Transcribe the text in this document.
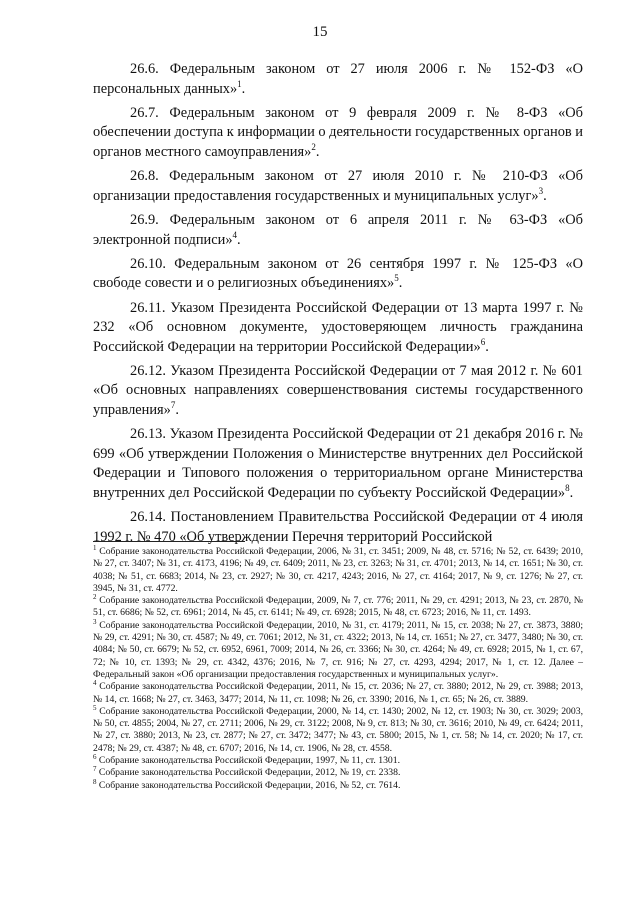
15

26.6. Федеральным законом от 27 июля 2006 г. № 152-ФЗ «О персональных данных»$^1$.

26.7. Федеральным законом от 9 февраля 2009 г. № 8-ФЗ «Об обеспечении доступа к информации о деятельности государственных органов и органов местного самоуправления»$^2$.

26.8. Федеральным законом от 27 июля 2010 г. № 210-ФЗ «Об организации предоставления государственных и муниципальных услуг»$^3$.

26.9. Федеральным законом от 6 апреля 2011 г. № 63-ФЗ «Об электронной подписи»$^4$.

26.10. Федеральным законом от 26 сентября 1997 г. № 125-ФЗ «О свободе совести и о религиозных объединениях»$^5$.

26.11. Указом Президента Российской Федерации от 13 марта 1997 г. № 232 «Об основном документе, удостоверяющем личность гражданина Российской Федерации на территории Российской Федерации»$^6$.

26.12. Указом Президента Российской Федерации от 7 мая 2012 г. № 601 «Об основных направлениях совершенствования системы государственного управления»$^7$.

26.13. Указом Президента Российской Федерации от 21 декабря 2016 г. № 699 «Об утверждении Положения о Министерстве внутренних дел Российской Федерации и Типового положения о территориальном органе Министерства внутренних дел Российской Федерации по субъекту Российской Федерации»$^8$.

26.14. Постановлением Правительства Российской Федерации от 4 июля 1992 г. № 470 «Об утверждении Перечня территорий Российской

$^1$ Собрание законодательства Российской Федерации, 2006, № 31, ст. 3451; 2009, № 48, ст. 5716; № 52, ст. 6439; 2010, № 27, ст. 3407; № 31, ст. 4173, 4196; № 49, ст. 6409; 2011, № 23, ст. 3263; № 31, ст. 4701; 2013, № 14, ст. 1651; № 30, ст. 4038; № 51, ст. 6683; 2014, № 23, ст. 2927; № 30, ст. 4217, 4243; 2016, № 27, ст. 4164; 2017, № 9, ст. 1276; № 27, ст. 3945, № 31, ст. 4772.

$^2$ Собрание законодательства Российской Федерации, 2009, № 7, ст. 776; 2011, № 29, ст. 4291; 2013, № 23, ст. 2870, № 51, ст. 6686; № 52, ст. 6961; 2014, № 45, ст. 6141; № 49, ст. 6928; 2015, № 48, ст. 6723; 2016, № 11, ст. 1493.

$^3$ Собрание законодательства Российской Федерации, 2010, № 31, ст. 4179; 2011, № 15, ст. 2038; № 27, ст. 3873, 3880; № 29, ст. 4291; № 30, ст. 4587; № 49, ст. 7061; 2012, № 31, ст. 4322; 2013, № 14, ст. 1651; № 27, ст. 3477, 3480; № 30, ст. 4084; № 50, ст. 6679; № 52, ст. 6952, 6961, 7009; 2014, № 26, ст. 3366; № 30, ст. 4264; № 49, ст. 6928; 2015, № 1, ст. 67, 72; № 10, ст. 1393; № 29, ст. 4342, 4376; 2016, № 7, ст. 916; № 27, ст. 4293, 4294; 2017, № 1, ст. 12. Далее – Федеральный закон «Об организации предоставления государственных и муниципальных услуг».

$^4$ Собрание законодательства Российской Федерации, 2011, № 15, ст. 2036; № 27, ст. 3880; 2012, № 29, ст. 3988; 2013, № 14, ст. 1668; № 27, ст. 3463, 3477; 2014, № 11, ст. 1098; № 26, ст. 3390; 2016, № 1, ст. 65; № 26, ст. 3889.

$^5$ Собрание законодательства Российской Федерации, 2000, № 14, ст. 1430; 2002, № 12, ст. 1903; № 30, ст. 3029; 2003, № 50, ст. 4855; 2004, № 27, ст. 2711; 2006, № 29, ст. 3122; 2008, № 9, ст. 813; № 30, ст. 3616; 2010, № 49, ст. 6424; 2011, № 27, ст. 3880; 2013, № 23, ст. 2877; № 27, ст. 3472; 3477; № 43, ст. 5800; 2015, № 1, ст. 58; № 14, ст. 2020; № 17, ст. 2478; № 29, ст. 4387; № 48, ст. 6707; 2016, № 14, ст. 1906, № 28, ст. 4558.

$^6$ Собрание законодательства Российской Федерации, 1997, № 11, ст. 1301.

$^7$ Собрание законодательства Российской Федерации, 2012, № 19, ст. 2338.

$^8$ Собрание законодательства Российской Федерации, 2016, № 52, ст. 7614.
